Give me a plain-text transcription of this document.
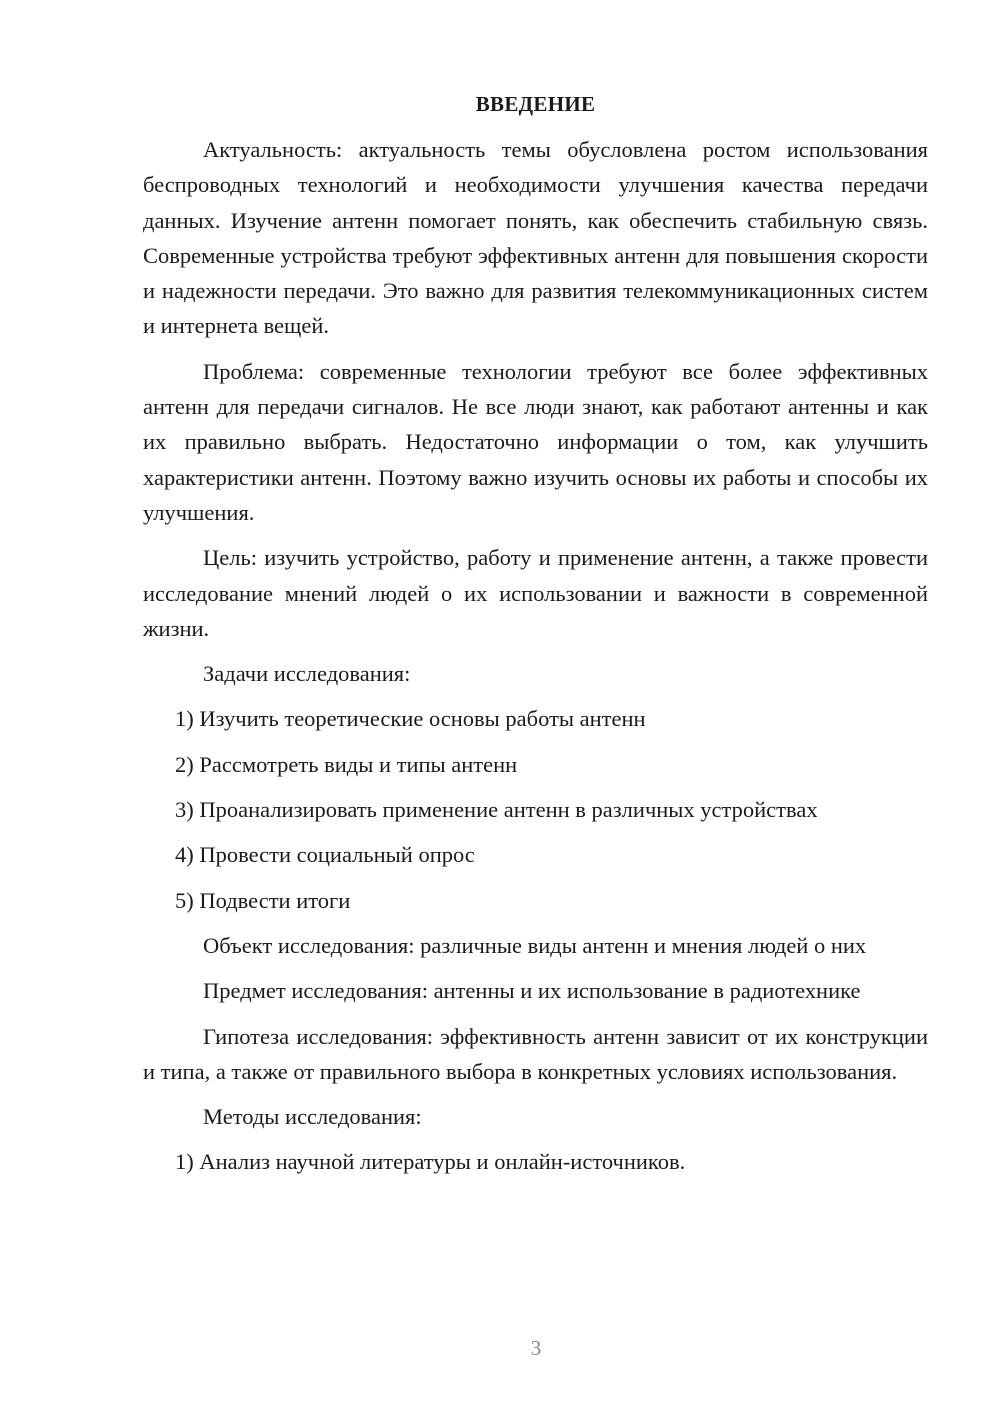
ВВЕДЕНИЕ

Актуальность: актуальность темы обусловлена ростом использования беспроводных технологий и необходимости улучшения качества передачи данных. Изучение антенн помогает понять, как обеспечить стабильную связь. Современные устройства требуют эффективных антенн для повышения скорости и надежности передачи. Это важно для развития телекоммуникационных систем и интернета вещей.

Проблема: современные технологии требуют все более эффективных антенн для передачи сигналов. Не все люди знают, как работают антенны и как их правильно выбрать. Недостаточно информации о том, как улучшить характеристики антенн. Поэтому важно изучить основы их работы и способы их улучшения.

Цель: изучить устройство, работу и применение антенн, а также провести исследование мнений людей о их использовании и важности в современной жизни.

Задачи исследования:

1) Изучить теоретические основы работы антенн
2) Рассмотреть виды и типы антенн
3) Проанализировать применение антенн в различных устройствах
4) Провести социальный опрос
5) Подвести итоги

Объект исследования: различные виды антенн и мнения людей о них

Предмет исследования: антенны и их использование в радиотехнике

Гипотеза исследования: эффективность антенн зависит от их конструкции и типа, а также от правильного выбора в конкретных условиях использования.

Методы исследования:

1) Анализ научной литературы и онлайн-источников.
3
